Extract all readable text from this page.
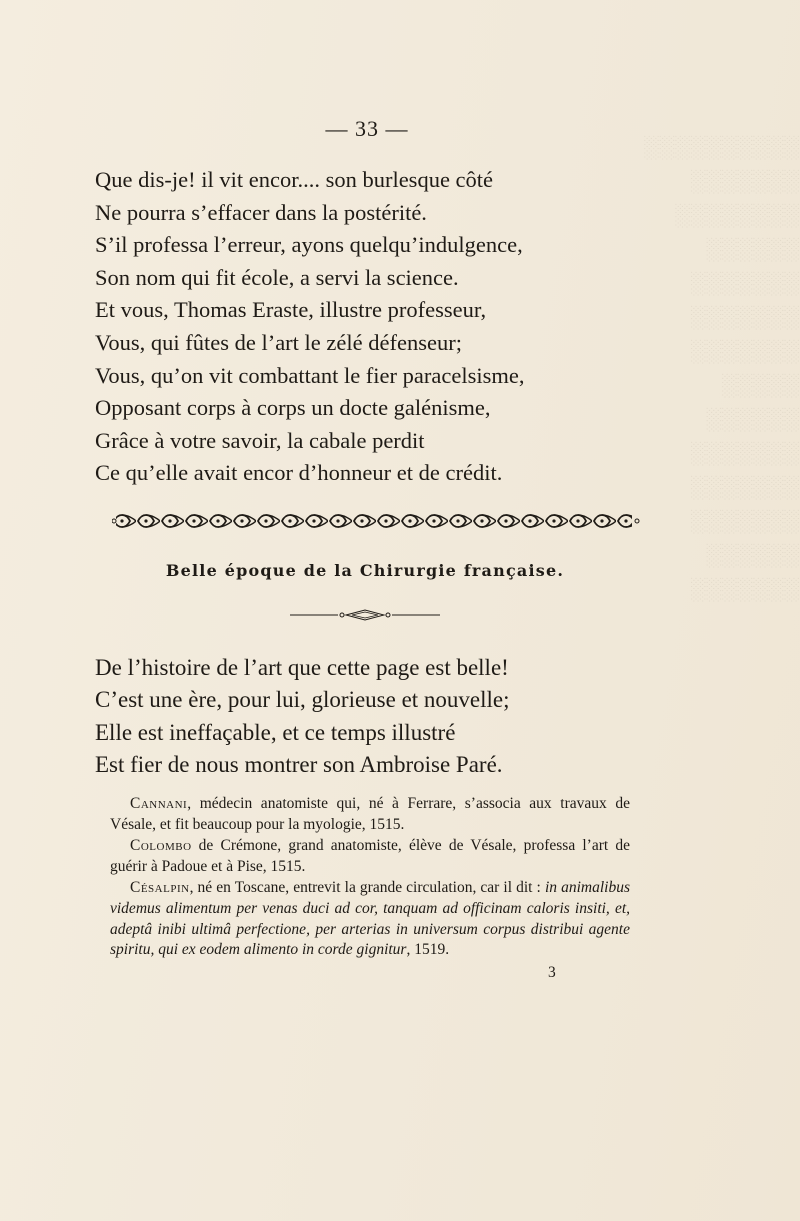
░░░░░░░░░░
░░░░░░░
░░░░░░░░
░░░░░░
░░░░░░░
░░░░░░░
░░░░░░░
░░░░░
░░░░░░
░░░░░░░
░░░░░░░
░░░░░░░
░░░░░░
░░░░░░░
— 33 —
Que dis-je! il vit encor.... son burlesque côté
Ne pourra s’effacer dans la postérité.
S’il professa l’erreur, ayons quelqu’indulgence,
Son nom qui fit école, a servi la science.
Et vous, Thomas Eraste, illustre professeur,
Vous, qui fûtes de l’art le zélé défenseur;
Vous, qu’on vit combattant le fier paracelsisme,
Opposant corps à corps un docte galénisme,
Grâce à votre savoir, la cabale perdit
Ce qu’elle avait encor d’honneur et de crédit.
Belle époque de la Chirurgie française.
De l’histoire de l’art que cette page est belle!
C’est une ère, pour lui, glorieuse et nouvelle;
Elle est ineffaçable, et ce temps illustré
Est fier de nous montrer son Ambroise Paré.

Cannani, médecin anatomiste qui, né à Ferrare, s’associa aux travaux de Vésale, et fit beaucoup pour la myologie, 1515.

Colombo de Crémone, grand anatomiste, élève de Vésale, professa l’art de guérir à Padoue et à Pise, 1515.

Césalpin, né en Toscane, entrevit la grande circulation, car il dit : in animalibus videmus alimentum per venas duci ad cor, tanquam ad officinam caloris insiti, et, adeptâ inibi ultimâ perfectione, per arterias in universum corpus distribui agente spiritu, qui ex eodem alimento in corde gignitur, 1519.

3
